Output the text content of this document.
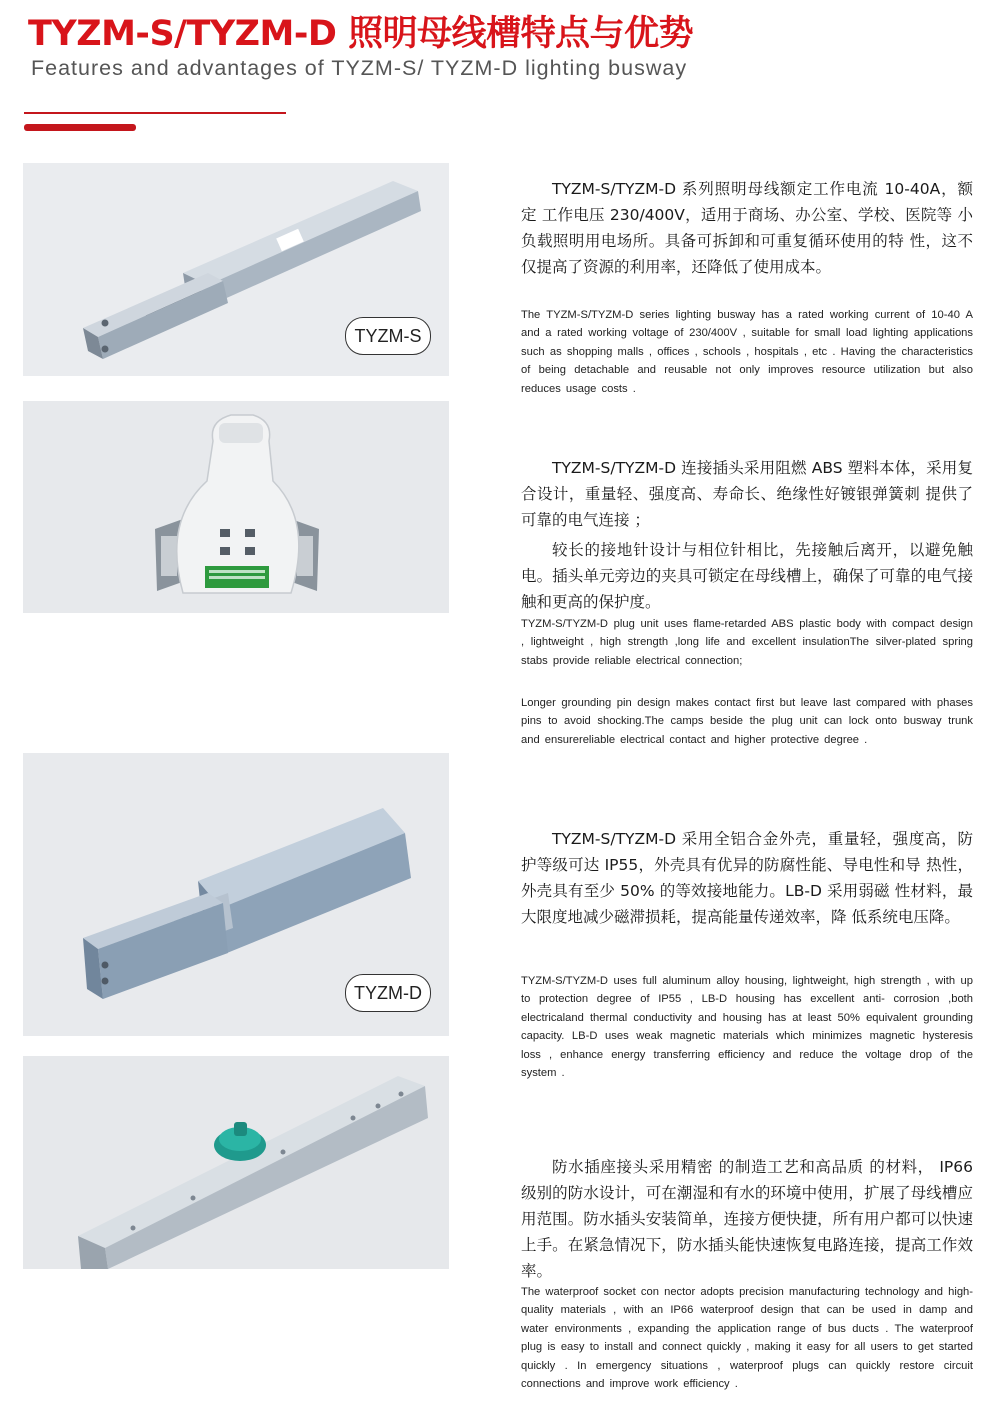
TYZM-S/TYZM-D 照明母线槽特点与优势

Features and advantages of TYZM-S/ TYZM-D lighting busway

TYZM-S
TYZM-D

TYZM-S/TYZM-D 系列照明母线额定工作电流 10-40A，额定 工作电压 230/400V，适用于商场、办公室、学校、医院等 小负载照明用电场所。具备可拆卸和可重复循环使用的特 性，这不仅提高了资源的利用率，还降低了使用成本。

The TYZM-S/TYZM-D series lighting busway has a rated working current of 10-40 A and a rated working voltage of 230/400V , suitable for small load lighting applications such as shopping malls , offices , schools , hospitals , etc . Having the characteristics of being detachable and reusable not only improves resource utilization but also reduces usage costs .

TYZM-S/TYZM-D 连接插头采用阻燃 ABS 塑料本体，采用复 合设计，重量轻、强度高、寿命长、绝缘性好镀银弹簧刺 提供了可靠的电气连接 ；

较长的接地针设计与相位针相比，先接触后离开，以避免触电。插头单元旁边的夹具可锁定在母线槽上，确保了可靠的电气接触和更高的保护度。

TYZM-S/TYZM-D plug unit uses flame-retarded ABS plastic body with compact design , lightweight , high strength ,long life and excellent insulationThe silver-plated spring stabs provide reliable electrical connection;

Longer grounding pin design makes contact first but leave last compared with phases pins to avoid shocking.The camps beside the plug unit can lock onto busway trunk and ensurereliable electrical contact and higher protective degree .

TYZM-S/TYZM-D 采用全铝合金外壳，重量轻，强度高，防 护等级可达 IP55，外壳具有优异的防腐性能、导电性和导 热性，外壳具有至少 50% 的等效接地能力。LB-D 采用弱磁 性材料，最大限度地减少磁滞损耗，提高能量传递效率，降 低系统电压降。

TYZM-S/TYZM-D uses full aluminum alloy housing, lightweight, high strength , with up to protection degree of IP55 , LB-D housing has excellent anti- corrosion ,both electricaland thermal conductivity and housing has at least 50% equivalent grounding capacity. LB-D uses weak magnetic materials which minimizes magnetic hysteresis loss , enhance energy transferring efficiency and reduce the voltage drop of the system .

防水插座接头采用精密 的制造工艺和高品质 的材料， IP66 级别的防水设计，可在潮湿和有水的环境中使用，扩展了母线槽应用范围。防水插头安装简单，连接方便快捷，所有用户都可以快速上手。在紧急情况下，防水插头能快速恢复电路连接，提高工作效率。

The waterproof socket con nector adopts precision manufacturing technology and high-quality materials , with an IP66 waterproof design that can be used in damp and water environments , expanding the application range of bus ducts . The waterproof plug is easy to install and connect quickly , making it easy for all users to get started quickly . In emergency situations , waterproof plugs can quickly restore circuit connections and improve work efficiency .
